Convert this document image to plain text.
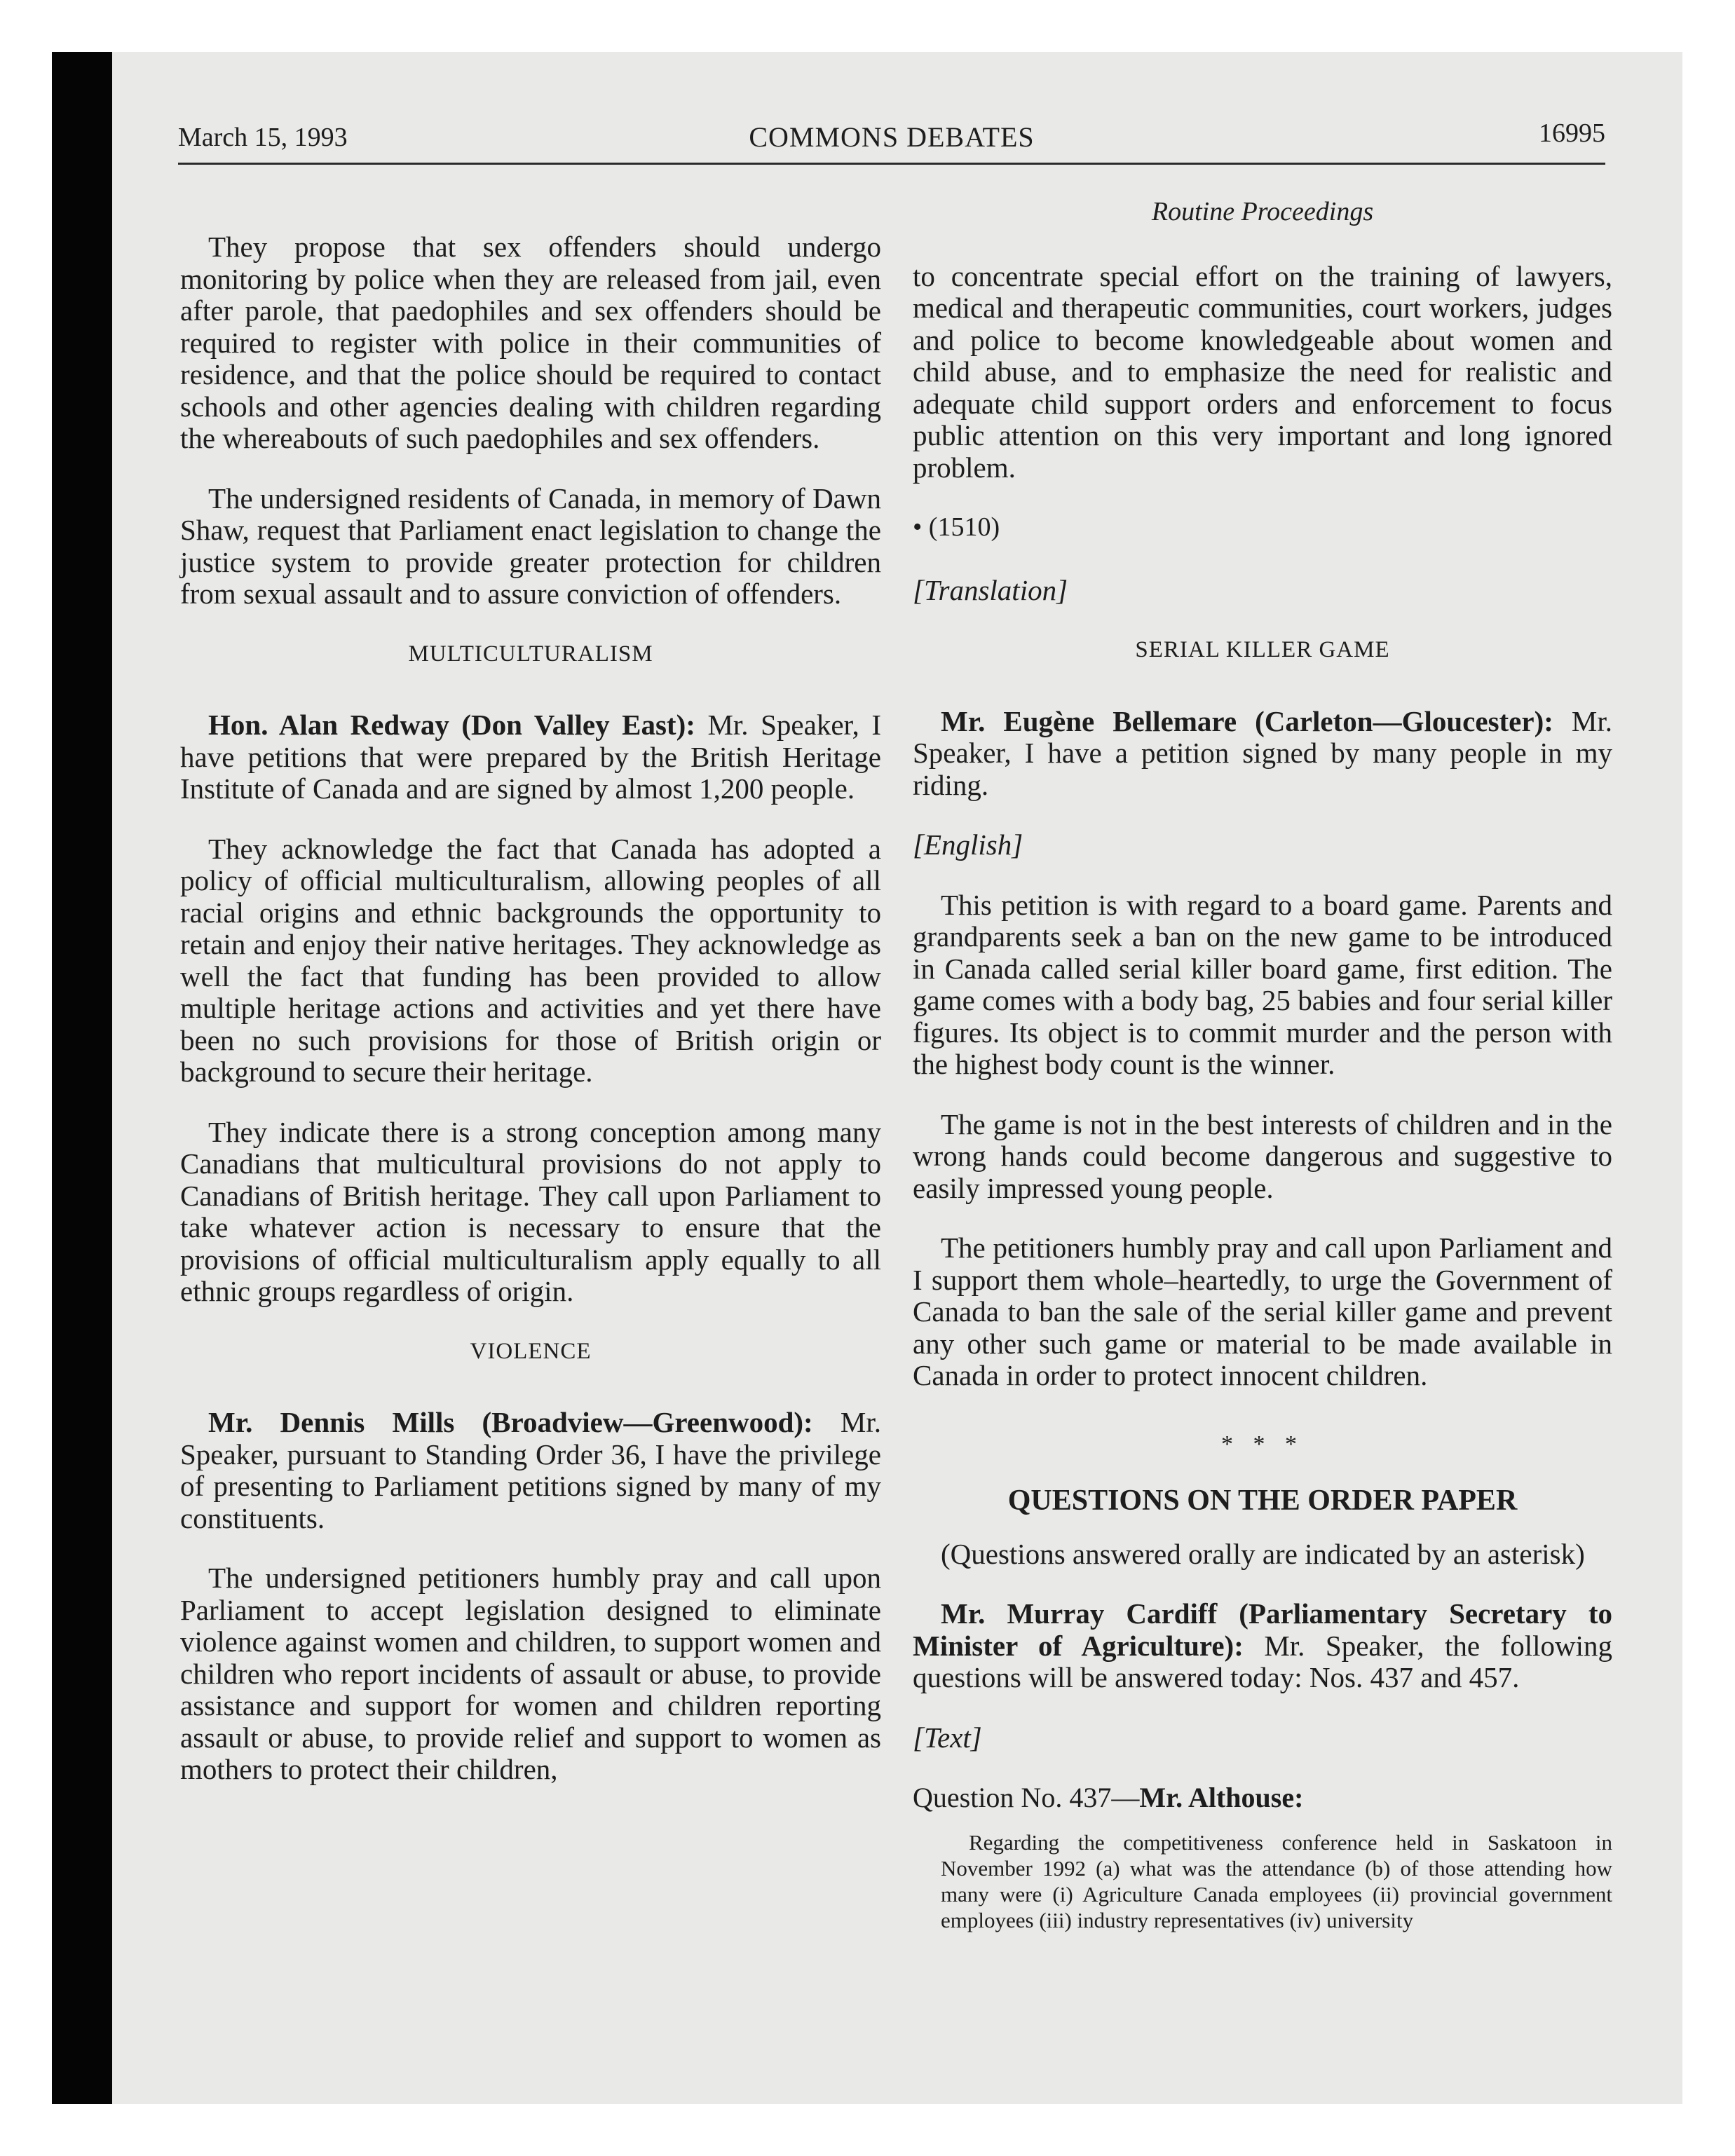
March 15, 1993	COMMONS DEBATES	16995

They propose that sex offenders should undergo monitoring by police when they are released from jail, even after parole, that paedophiles and sex offenders should be required to register with police in their communities of residence, and that the police should be required to contact schools and other agencies dealing with children regarding the whereabouts of such paedophiles and sex offenders.

The undersigned residents of Canada, in memory of Dawn Shaw, request that Parliament enact legislation to change the justice system to provide greater protection for children from sexual assault and to assure conviction of offenders.

MULTICULTURALISM

Hon. Alan Redway (Don Valley East): Mr. Speaker, I have petitions that were prepared by the British Heritage Institute of Canada and are signed by almost 1,200 people.

They acknowledge the fact that Canada has adopted a policy of official multiculturalism, allowing peoples of all racial origins and ethnic backgrounds the opportunity to retain and enjoy their native heritages. They acknowledge as well the fact that funding has been provided to allow multiple heritage actions and activities and yet there have been no such provisions for those of British origin or background to secure their heritage.

They indicate there is a strong conception among many Canadians that multicultural provisions do not apply to Canadians of British heritage. They call upon Parliament to take whatever action is necessary to ensure that the provisions of official multiculturalism apply equally to all ethnic groups regardless of origin.

VIOLENCE

Mr. Dennis Mills (Broadview—Greenwood): Mr. Speaker, pursuant to Standing Order 36, I have the privilege of presenting to Parliament petitions signed by many of my constituents.

The undersigned petitioners humbly pray and call upon Parliament to accept legislation designed to eliminate violence against women and children, to support women and children who report incidents of assault or abuse, to provide assistance and support for women and children reporting assault or abuse, to provide relief and support to women as mothers to protect their children,

Routine Proceedings

to concentrate special effort on the training of lawyers, medical and therapeutic communities, court workers, judges and police to become knowledgeable about women and child abuse, and to emphasize the need for realistic and adequate child support orders and enforcement to focus public attention on this very important and long ignored problem.

• (1510)
[Translation]
SERIAL KILLER GAME

Mr. Eugène Bellemare (Carleton—Gloucester): Mr. Speaker, I have a petition signed by many people in my riding.

[English]

This petition is with regard to a board game. Parents and grandparents seek a ban on the new game to be introduced in Canada called serial killer board game, first edition. The game comes with a body bag, 25 babies and four serial killer figures. Its object is to commit murder and the person with the highest body count is the winner.

The game is not in the best interests of children and in the wrong hands could become dangerous and suggestive to easily impressed young people.

The petitioners humbly pray and call upon Parliament and I support them whole–heartedly, to urge the Government of Canada to ban the sale of the serial killer game and prevent any other such game or material to be made available in Canada in order to protect innocent children.

* * *
QUESTIONS ON THE ORDER PAPER

(Questions answered orally are indicated by an asterisk)

Mr. Murray Cardiff (Parliamentary Secretary to Minister of Agriculture): Mr. Speaker, the following questions will be answered today: Nos. 437 and 457.

[Text]
Question No. 437—Mr. Althouse:

Regarding the competitiveness conference held in Saskatoon in November 1992 (a) what was the attendance (b) of those attending how many were (i) Agriculture Canada employees (ii) provincial government employees (iii) industry representatives (iv) university
